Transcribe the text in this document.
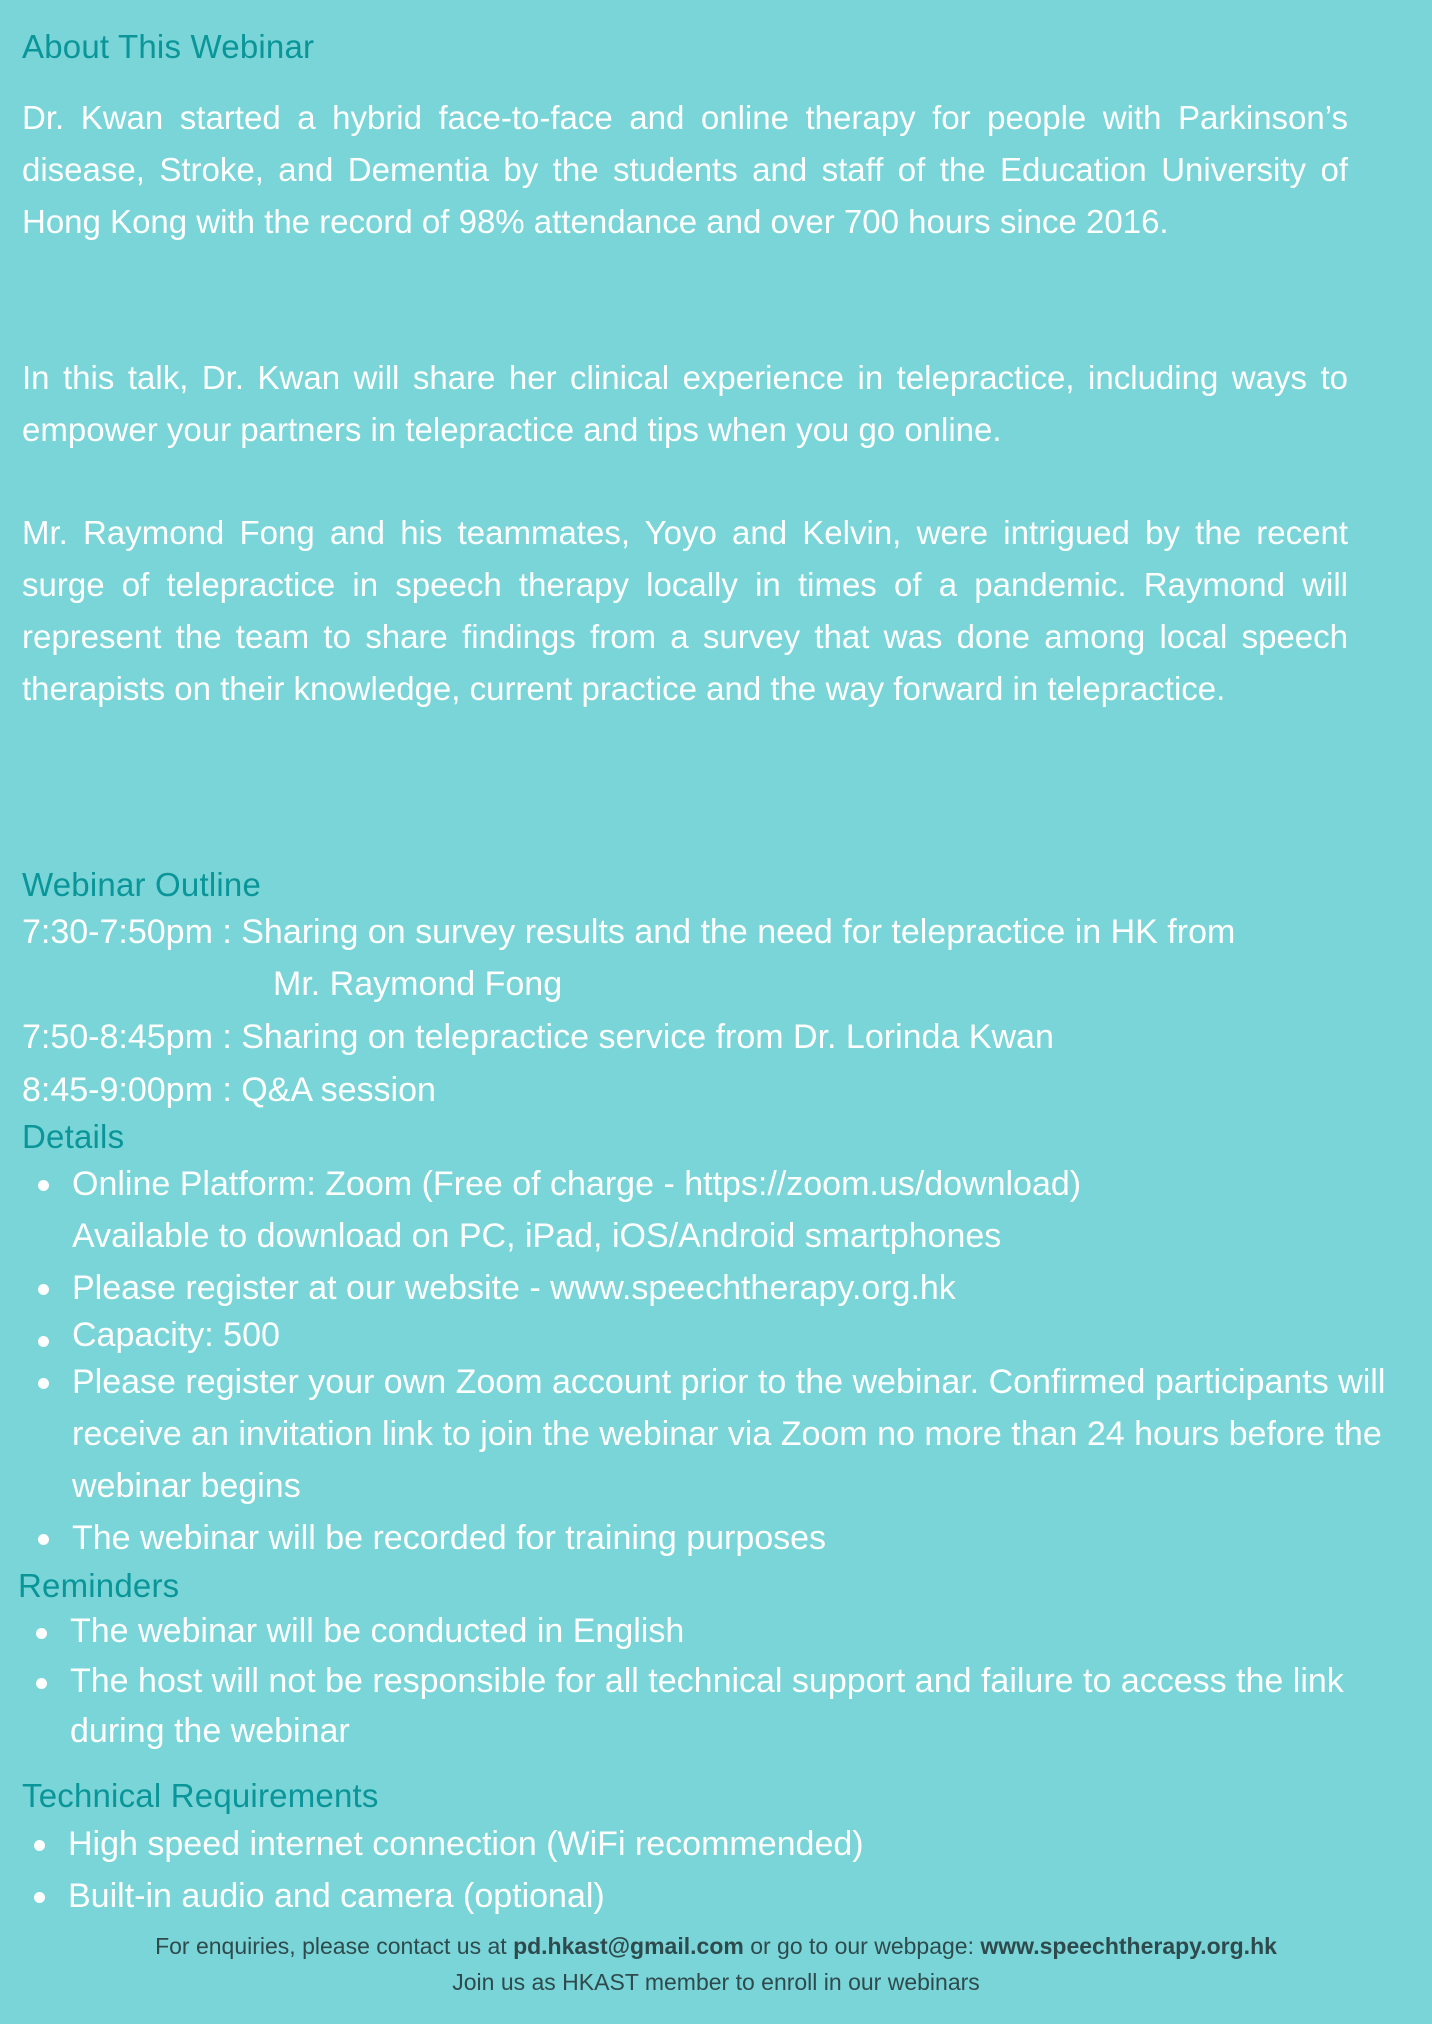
About This Webinar

Dr. Kwan started a hybrid face-to-face and online therapy for people with Parkinson’s disease, Stroke, and Dementia by the students and staff of the Education University of Hong Kong with the record of 98% attendance and over 700 hours since 2016.

In this talk, Dr. Kwan will share her clinical experience in telepractice, including ways to empower your partners in telepractice and tips when you go online.

Mr. Raymond Fong and his teammates, Yoyo and Kelvin, were intrigued by the recent surge of telepractice in speech therapy locally in times of a pandemic. Raymond will represent the team to share findings from a survey that was done among local speech therapists on their knowledge, current practice and the way forward in telepractice.

Webinar Outline

7:30-7:50pm : Sharing on survey results and the need for telepractice in HK from

Mr. Raymond Fong

7:50-8:45pm : Sharing on telepractice service from Dr. Lorinda Kwan

8:45-9:00pm : Q&A session

Details
Online Platform: Zoom (Free of charge - https://zoom.us/download)
Available to download on PC, iPad, iOS/Android smartphones
Please register at our website - www.speechtherapy.org.hk
Capacity: 500
Please register your own Zoom account prior to the webinar. Confirmed participants will receive an invitation link to join the webinar via Zoom no more than 24 hours before the webinar begins
The webinar will be recorded for training purposes
Reminders
The webinar will be conducted in English
The host will not be responsible for all technical support and failure to access the link during the webinar
Technical Requirements
High speed internet connection (WiFi recommended)
Built-in audio and camera (optional)
For enquiries, please contact us at pd.hkast@gmail.com or go to our webpage: www.speechtherapy.org.hk
Join us as HKAST member to enroll in our webinars
